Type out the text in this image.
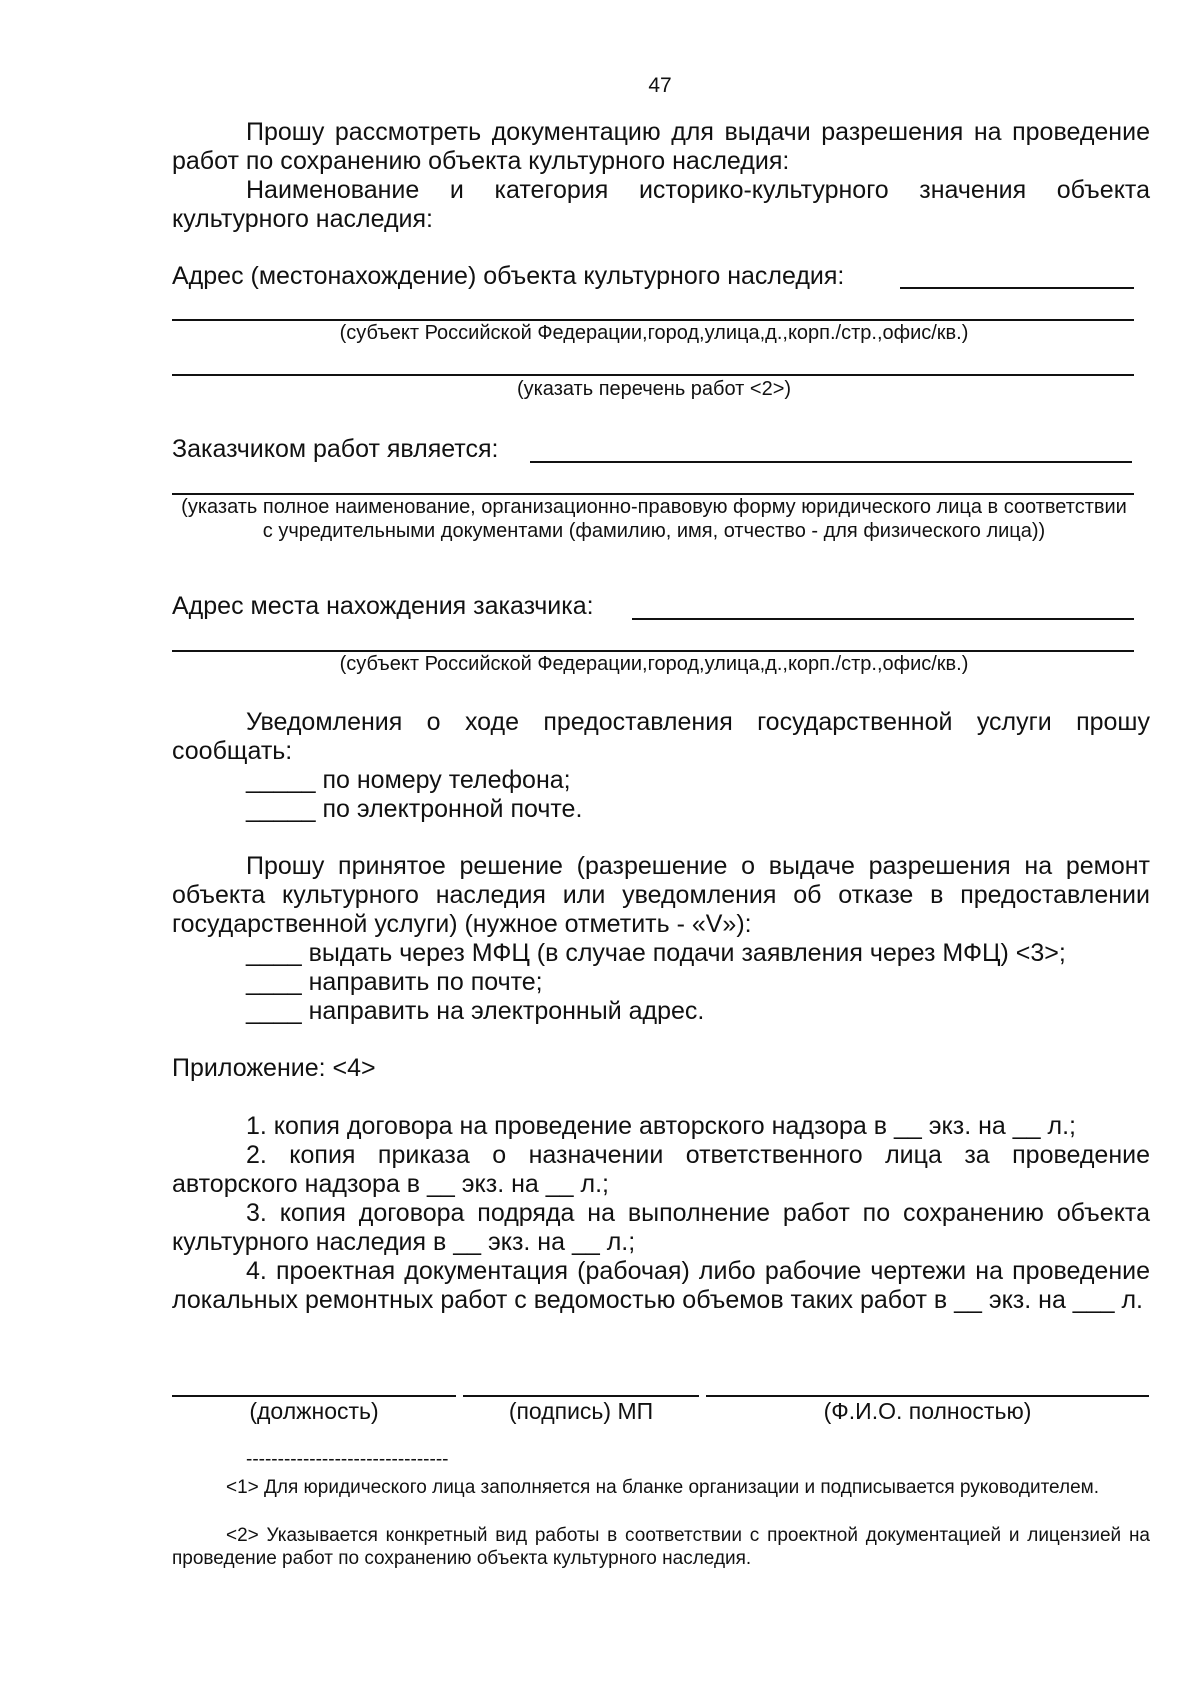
47
Прошу рассмотреть документацию для выдачи разрешения на проведение работ по сохранению объекта культурного наследия:
Наименование и категория историко-культурного значения объекта культурного наследия:
Адрес (местонахождение) объекта культурного наследия:
(субъект Российской Федерации,город,улица,д.,корп./стр.,офис/кв.)
(указать перечень работ <2>)
Заказчиком работ является:
(указать полное наименование, организационно-правовую форму юридического лица в соответствии с учредительными документами (фамилию, имя, отчество - для физического лица))
Адрес места нахождения заказчика:
(субъект Российской Федерации,город,улица,д.,корп./стр.,офис/кв.)
Уведомления о ходе предоставления государственной услуги прошу сообщать:
_____ по номеру телефона;
_____ по электронной почте.
Прошу принятое решение (разрешение о выдаче разрешения на ремонт объекта культурного наследия или уведомления об отказе в предоставлении государственной услуги) (нужное отметить - «V»):
____ выдать через МФЦ (в случае подачи заявления через МФЦ) <3>;
____ направить по почте;
____ направить на электронный адрес.
Приложение: <4>
1. копия договора на проведение авторского надзора в __ экз. на __ л.;
2. копия приказа о назначении ответственного лица за проведение авторского надзора в __ экз. на __ л.;
3. копия договора подряда на выполнение работ по сохранению объекта культурного наследия в __ экз. на __ л.;
4. проектная документация (рабочая) либо рабочие чертежи на проведение локальных ремонтных работ с ведомостью объемов таких работ в __ экз. на ___ л.
(должность)	(подпись) МП	(Ф.И.О. полностью)
--------------------------------
<1> Для юридического лица заполняется на бланке организации и подписывается руководителем.
<2> Указывается конкретный вид работы в соответствии с проектной документацией и лицензией на проведение работ по сохранению объекта культурного наследия.
